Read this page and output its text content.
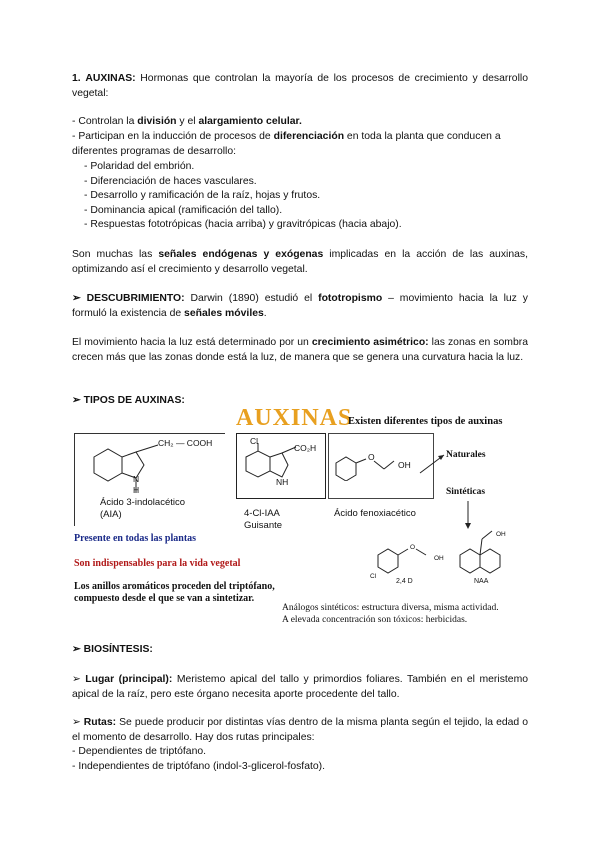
1. AUXINAS: Hormonas que controlan la mayoría de los procesos de crecimiento y desarrollo vegetal:
- Controlan la división y el alargamiento celular.
- Participan en la inducción de procesos de diferenciación en toda la planta que conducen a diferentes programas de desarrollo:
- Polaridad del embrión.
- Diferenciación de haces vasculares.
- Desarrollo y ramificación de la raíz, hojas y frutos.
- Dominancia apical (ramificación del tallo).
- Respuestas fototrópicas (hacia arriba) y gravitrópicas (hacia abajo).
Son muchas las señales endógenas y exógenas implicadas en la acción de las auxinas, optimizando así el crecimiento y desarrollo vegetal.
➢ DESCUBRIMIENTO: Darwin (1890) estudió el fototropismo – movimiento hacia la luz y formuló la existencia de señales móviles.
El movimiento hacia la luz está determinado por un crecimiento asimétrico: las zonas en sombra crecen más que las zonas donde está la luz, de manera que se genera una curvatura hacia la luz.
➢ TIPOS DE AUXINAS:
AUXINAS
Existen diferentes tipos de auxinas
CH₂ — COOH
N
H
Ácido 3-indolacético
(AIA)
Cl
CO₂H
NH
4-Cl-IAA
Guisante
O
OH
Ácido fenoxiacético
Naturales
Sintéticas
Presente en todas las plantas
Son indispensables para la vida vegetal
Los anillos aromáticos proceden del triptófano,
compuesto desde el que se van a sintetizar.
Cl
O
OH
OH
2,4 D	NAA
Análogos sintéticos: estructura diversa, misma actividad.
A elevada concentración son tóxicos: herbicidas.
➢ BIOSÍNTESIS:
➢ Lugar (principal): Meristemo apical del tallo y primordios foliares. También en el meristemo apical de la raíz, pero este órgano necesita aporte procedente del tallo.
➢ Rutas: Se puede producir por distintas vías dentro de la misma planta según el tejido, la edad o el momento de desarrollo. Hay dos rutas principales:
- Dependientes de triptófano.
- Independientes de triptófano (indol-3-glicerol-fosfato).
